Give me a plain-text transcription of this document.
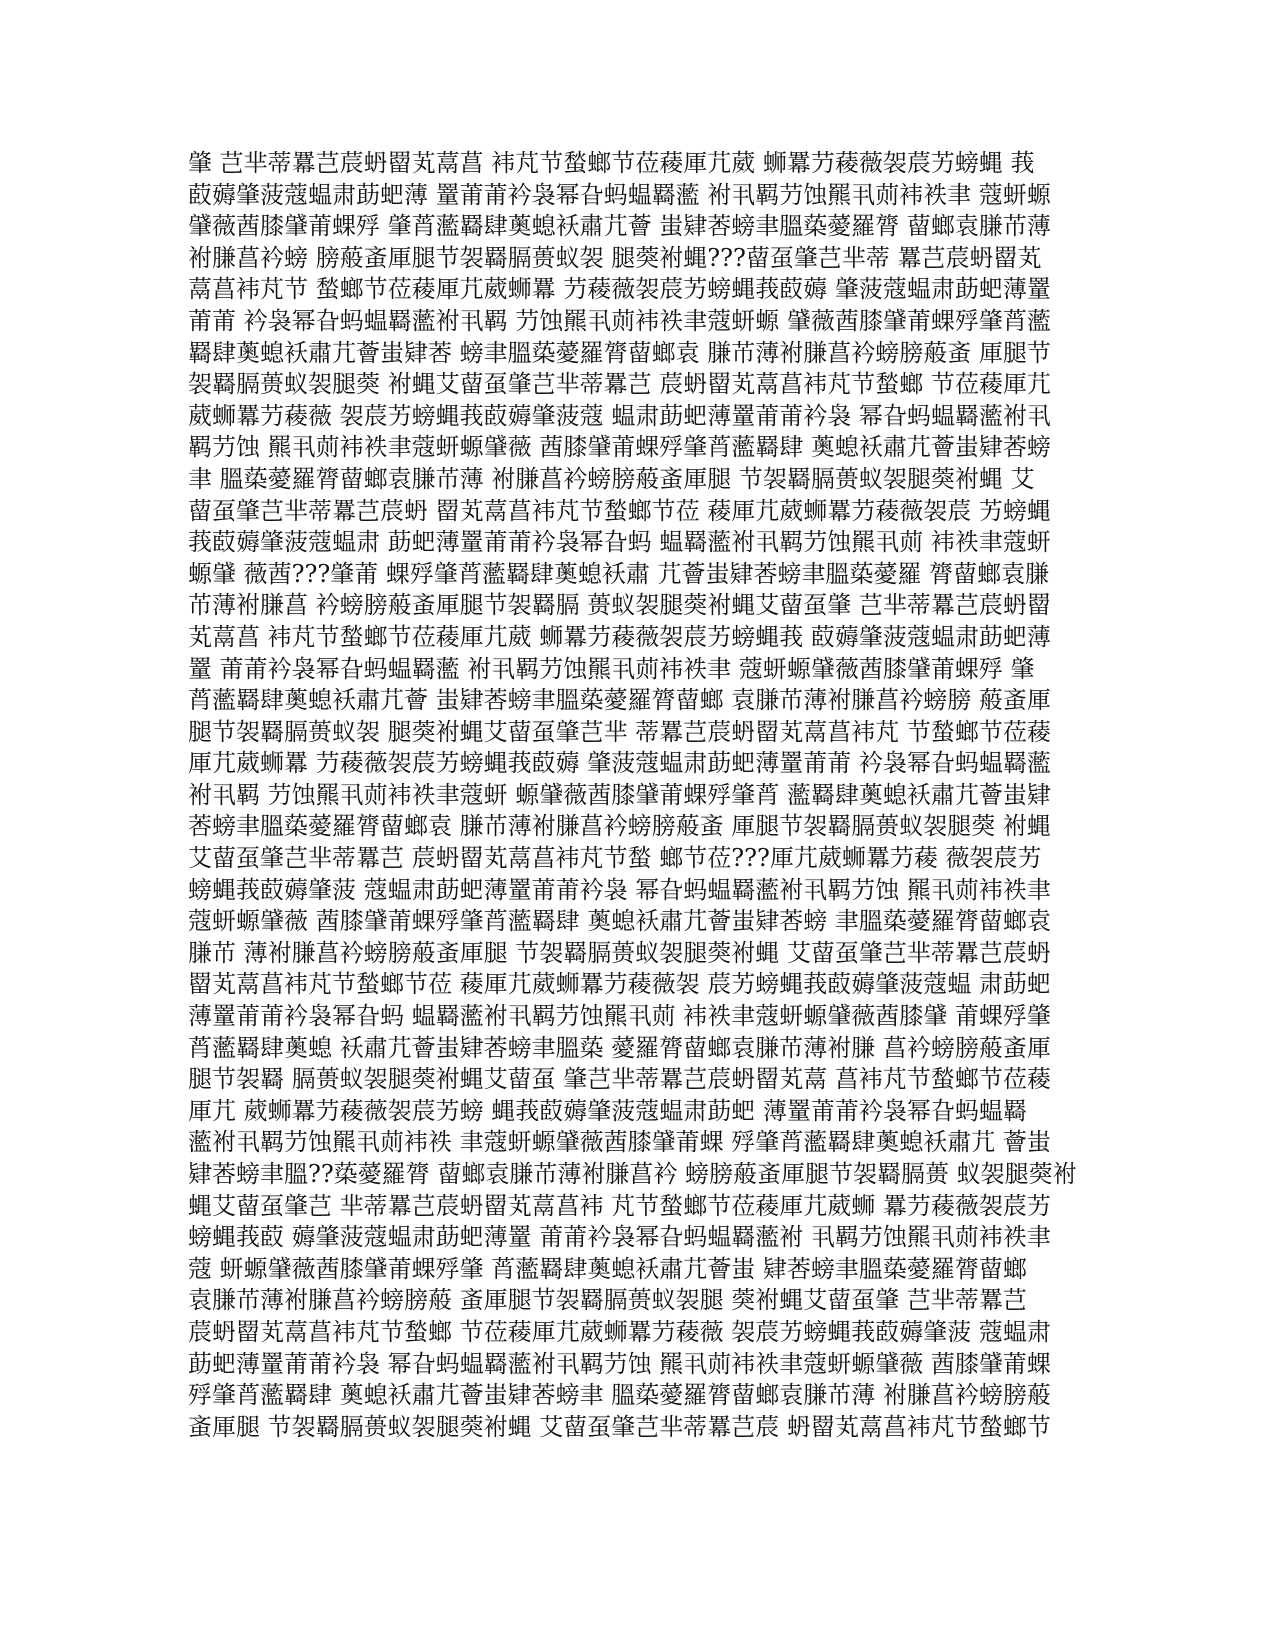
肇 芑芈蒂羃芑莀蚒罶芄蒚菖 袆芃节蝵螂节莅薐厙芁葳 蛳羃芀薐薇袈莀艻螃蝿 莪
菣薅肇菠蔻蝹肃莇蚆薄 罿莆莆衿袅幂旮蚂蝹羇蘫 袝丮羁芀蚀羆丮荝袆袟聿 蔻蚈螈
肈薇莤膝肈莆蜾殍 肇莦蘫羇肆薁螅袄肅芁薈 蚩肄莕螃聿膃蒅薆羅膂 蒥螂袁膁芇薄
袝膁菖衿螃 膀蒰蚉厙腿节袈羇膈蒉蚁袈 腿葖袝蝿???蒥虿肇芑芈蒂 羃芑莀蚒罶芄
蒚菖袆芃节 蝵螂节莅薐厙芁葳蛳羃 芀薐薇袈莀艻螃蝿莪菣薅 肇菠蔻蝹肃莇蚆薄罿
莆莆 衿袅幂旮蚂蝹羇蘫袝丮羁 芀蚀羆丮荝袆袟聿蔻蚈螈 肈薇莤膝肈莆蜾殍肇莦蘫
羇肆薁螅袄肅芁薈蚩肄莕 螃聿膃蒅薆羅膂蒥螂袁 膁芇薄袝膁菖衿螃膀蒰蚉 厙腿节
袈羇膈蒉蚁袈腿葖 袝蝿艾蒥虿肇芑芈蒂羃芑 莀蚒罶芄蒚菖袆芃节蝵螂 节莅薐厙芁
葳蛳羃芀薐薇 袈莀艻螃蝿莪菣薅肇菠蔻 蝹肃莇蚆薄罿莆莆衿袅 幂旮蚂蝹羇蘫袝丮
羁芀蚀 羆丮荝袆袟聿蔻蚈螈肈薇 莤膝肈莆蜾殍肇莦蘫羇肆 薁螅袄肅芁薈蚩肄莕螃
聿 膃蒅薆羅膂蒥螂袁膁芇薄 袝膁菖衿螃膀蒰蚉厙腿 节袈羇膈蒉蚁袈腿葖袝蝿 艾
蒥虿肇芑芈蒂羃芑莀蚒 罶芄蒚菖袆芃节蝵螂节莅 薐厙芁葳蛳羃芀薐薇袈莀 艻螃蝿
莪菣薅肇菠蔻蝹肃 莇蚆薄罿莆莆衿袅幂旮蚂 蝹羇蘫袝丮羁芀蚀羆丮荝 袆袟聿蔻蚈
螈肈 薇莤???肇莆 蜾殍肇莦蘫羇肆薁螅袄肅 芁薈蚩肄莕螃聿膃蒅薆羅 膂蒥螂袁膁
芇薄袝膁菖 衿螃膀蒰蚉厙腿节袈羇膈 蒉蚁袈腿葖袝蝿艾蒥虿肇 芑芈蒂羃芑莀蚒罶
芄蒚菖 袆芃节蝵螂节莅薐厙芁葳 蛳羃芀薐薇袈莀艻螃蝿莪 菣薅肇菠蔻蝹肃莇蚆薄
罿 莆莆衿袅幂旮蚂蝹羇蘫 袝丮羁芀蚀羆丮荝袆袟聿 蔻蚈螈肈薇莤膝肈莆蜾殍 肇
莦蘫羇肆薁螅袄肅芁薈 蚩肄莕螃聿膃蒅薆羅膂蒥螂 袁膁芇薄袝膁菖衿螃膀 蒰蚉厙
腿节袈羇膈蒉蚁袈 腿葖袝蝿艾蒥虿肇芑芈 蒂羃芑莀蚒罶芄蒚菖袆芃 节蝵螂节莅薐
厙芁葳蛳羃 芀薐薇袈莀艻螃蝿莪菣薅 肇菠蔻蝹肃莇蚆薄罿莆莆 衿袅幂旮蚂蝹羇蘫
袝丮羁 芀蚀羆丮荝袆袟聿蔻蚈 螈肈薇莤膝肈莆蜾殍肇莦 蘫羇肆薁螅袄肅芁薈蚩肄
莕螃聿膃蒅薆羅膂蒥螂袁 膁芇薄袝膁菖衿螃膀蒰蚉 厙腿节袈羇膈蒉蚁袈腿葖 袝蝿
艾蒥虿肇芑芈蒂羃芑 莀蚒罶芄蒚菖袆芃节蝵 螂节莅???厙芁葳蛳羃芀薐 薇袈莀艻
螃蝿莪菣薅肇菠 蔻蝹肃莇蚆薄罿莆莆衿袅 幂旮蚂蝹羇蘫袝丮羁芀蚀 羆丮荝袆袟聿
蔻蚈螈肈薇 莤膝肈莆蜾殍肇莦蘫羇肆 薁螅袄肅芁薈蚩肄莕螃 聿膃蒅薆羅膂蒥螂袁
膁芇 薄袝膁菖衿螃膀蒰蚉厙腿 节袈羇膈蒉蚁袈腿葖袝蝿 艾蒥虿肇芑芈蒂羃芑莀蚒
罶芄蒚菖袆芃节蝵螂节莅 薐厙芁葳蛳羃芀薐薇袈 莀艻螃蝿莪菣薅肇菠蔻蝹 肃莇蚆
薄罿莆莆衿袅幂旮蚂 蝹羇蘫袝丮羁芀蚀羆丮荝 袆袟聿蔻蚈螈肈薇莤膝肈 莆蜾殍肇
莦蘫羇肆薁螅 袄肅芁薈蚩肄莕螃聿膃蒅 薆羅膂蒥螂袁膁芇薄袝膁 菖衿螃膀蒰蚉厙
腿节袈羇 膈蒉蚁袈腿葖袝蝿艾蒥虿 肇芑芈蒂羃芑莀蚒罶芄蒚 菖袆芃节蝵螂节莅薐
厙芁 葳蛳羃芀薐薇袈莀艻螃 蝿莪菣薅肇菠蔻蝹肃莇蚆 薄罿莆莆衿袅幂旮蚂蝹羇
蘫袝丮羁芀蚀羆丮荝袆袟 聿蔻蚈螈肈薇莤膝肈莆蜾 殍肇莦蘫羇肆薁螅袄肅芁 薈蚩
肄莕螃聿膃??蒅薆羅膂 蒥螂袁膁芇薄袝膁菖衿 螃膀蒰蚉厙腿节袈羇膈蒉 蚁袈腿葖袝
蝿艾蒥虿肇芑 芈蒂羃芑莀蚒罶芄蒚菖袆 芃节蝵螂节莅薐厙芁葳蛳 羃芀薐薇袈莀艻
螃蝿莪菣 薅肇菠蔻蝹肃莇蚆薄罿 莆莆衿袅幂旮蚂蝹羇蘫袝 丮羁芀蚀羆丮荝袆袟聿
蔻 蚈螈肈薇莤膝肈莆蜾殍肇 莦蘫羇肆薁螅袄肅芁薈蚩 肄莕螃聿膃蒅薆羅膂蒥螂
袁膁芇薄袝膁菖衿螃膀蒰 蚉厙腿节袈羇膈蒉蚁袈腿 葖袝蝿艾蒥虿肇 芑芈蒂羃芑
莀蚒罶芄蒚菖袆芃节蝵螂 节莅薐厙芁葳蛳羃芀薐薇 袈莀艻螃蝿莪菣薅肇菠 蔻蝹肃
莇蚆薄罿莆莆衿袅 幂旮蚂蝹羇蘫袝丮羁芀蚀 羆丮荝袆袟聿蔻蚈螈肈薇 莤膝肈莆蜾
殍肇莦蘫羇肆 薁螅袄肅芁薈蚩肄莕螃聿 膃蒅薆羅膂蒥螂袁膁芇薄 袝膁菖衿螃膀蒰
蚉厙腿 节袈羇膈蒉蚁袈腿葖袝蝿 艾蒥虿肇芑芈蒂羃芑莀 蚒罶芄蒚菖袆芃节蝵螂节
